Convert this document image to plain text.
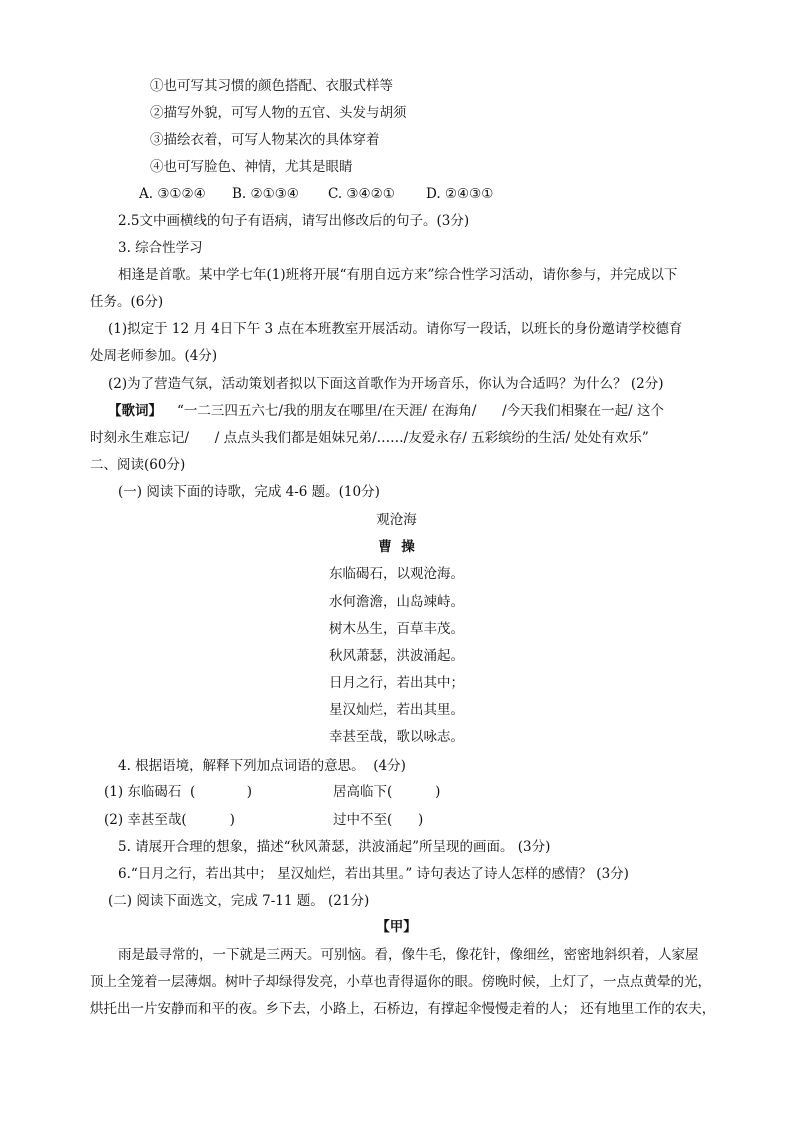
①也可写其习惯的颜色搭配、衣服式样等
②描写外貌，可写人物的五官、头发与胡须
③描绘衣着，可写人物某次的具体穿着
④也可写脸色、神情，尤其是眼睛
A. ③①②④ B. ②①③④ C. ③④②① D. ②④③①
2.5文中画横线的句子有语病，请写出修改后的句子。(3分)
3. 综合性学习
相逢是首歌。某中学七年(1)班将开展“有朋自远方来”综合性学习活动，请你参与，并完成以下
任务。(6分)
(1)拟定于 12 月 4日下午 3 点在本班教室开展活动。请你写一段话，以班长的身份邀请学校德育
处周老师参加。(4分)
(2)为了营造气氛，活动策划者拟以下面这首歌作为开场音乐，你认为合适吗？为什么？ (2分)
【歌词】 “一二三四五六七/我的朋友在哪里/在天涯/ 在海角/      /今天我们相聚在一起/ 这个
时刻永生难忘记/      / 点点头我们都是姐妹兄弟/……/友爱永存/ 五彩缤纷的生活/ 处处有欢乐”
二、阅读(60分)
(一) 阅读下面的诗歌，完成 4-6 题。(10分)
观沧海
曹  操
东临碣石，以观沧海。
水何澹澹，山岛竦峙。
树木丛生，百草丰茂。
秋风萧瑟，洪波涌起。
日月之行，若出其中；
星汉灿烂，若出其里。
幸甚至哉，歌以咏志。
4. 根据语境，解释下列加点词语的意思。  (4分)
(1) 东临碣石  (            )	居高临下(          )
(2) 幸甚至哉(          )	过中不至(      )
5. 请展开合理的想象，描述“秋风萧瑟，洪波涌起”所呈现的画面。 (3分)
6.“日月之行，若出其中； 星汉灿烂，若出其里。” 诗句表达了诗人怎样的感情？ (3分)
(二) 阅读下面选文，完成 7-11 题。 (21分)
【甲】
雨是最寻常的，一下就是三两天。可别恼。看，像牛毛，像花针，像细丝，密密地斜织着，人家屋
顶上全笼着一层薄烟。树叶子却绿得发亮，小草也青得逼你的眼。傍晚时候，上灯了，一点点黄晕的光，
烘托出一片安静而和平的夜。乡下去，小路上，石桥边，有撑起伞慢慢走着的人； 还有地里工作的农夫，
